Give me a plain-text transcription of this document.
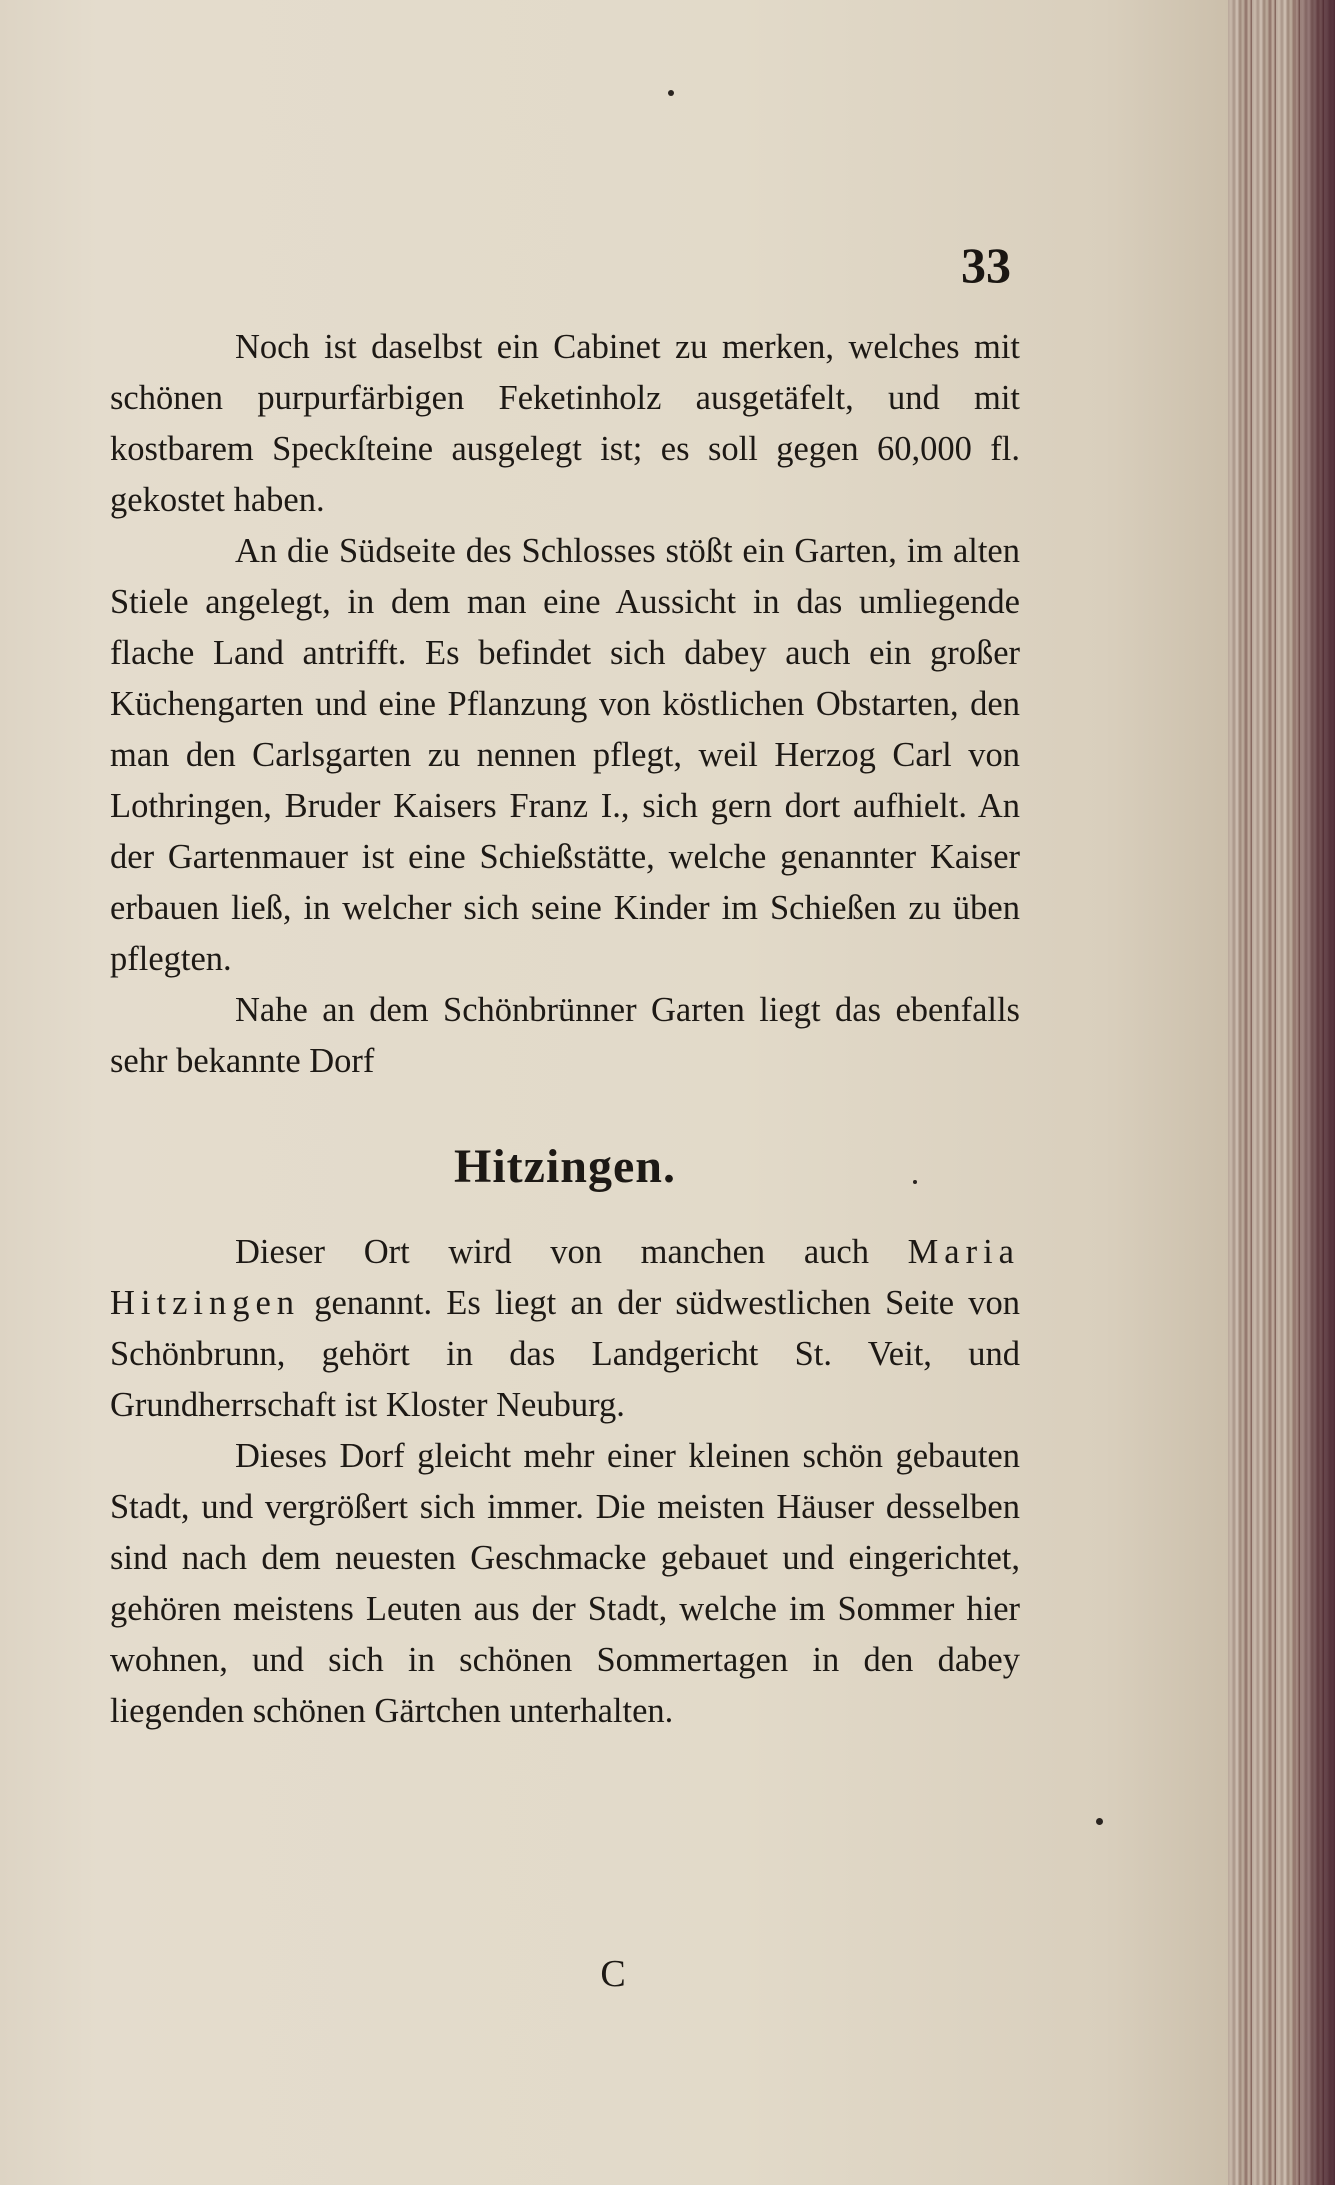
33

Noch ist daselbst ein Cabinet zu merken, welches mit schönen purpurfärbigen Feketinholz ausgetäfelt, und mit kostbarem Speckſteine ausgelegt ist; es soll gegen 60,000 fl. gekostet haben.

An die Südseite des Schlosses stößt ein Garten, im alten Stiele angelegt, in dem man eine Aussicht in das umliegende flache Land antrifft. Es befindet sich dabey auch ein großer Küchengarten und eine Pflanzung von köstlichen Obstarten, den man den Carlsgarten zu nennen pflegt, weil Herzog Carl von Lothringen, Bruder Kaisers Franz I., sich gern dort aufhielt. An der Gartenmauer ist eine Schießstätte, welche genannter Kaiser erbauen ließ, in welcher sich seine Kinder im Schießen zu üben pflegten.

Nahe an dem Schönbrünner Garten liegt das ebenfalls sehr bekannte Dorf

Hitzingen.

Dieser Ort wird von manchen auch Maria Hitzingen genannt. Es liegt an der südwestlichen Seite von Schönbrunn, gehört in das Landgericht St. Veit, und Grundherrschaft ist Kloster Neuburg.

Dieses Dorf gleicht mehr einer kleinen schön gebauten Stadt, und vergrößert sich immer. Die meisten Häuser desselben sind nach dem neuesten Geschmacke gebauet und eingerichtet, gehören meistens Leuten aus der Stadt, welche im Sommer hier wohnen, und sich in schönen Sommertagen in den dabey liegenden schönen Gärtchen unterhalten.

C
